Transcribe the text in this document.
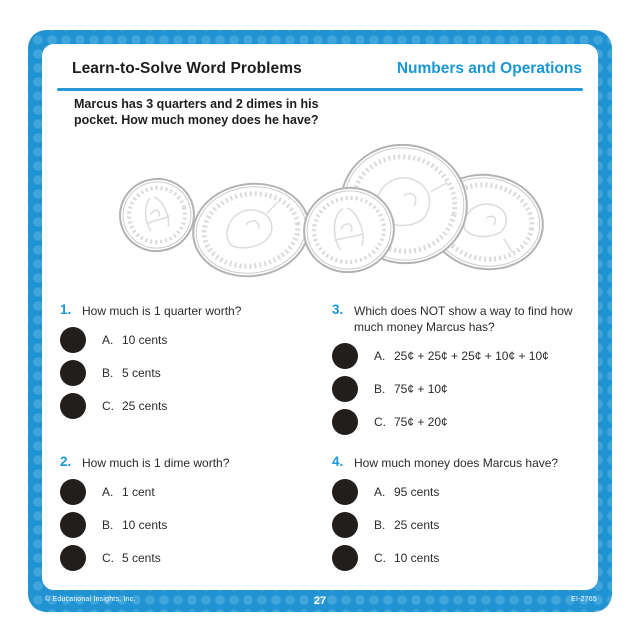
Learn-to-Solve Word Problems	Numbers and Operations
Marcus has 3 quarters and 2 dimes in his
pocket. How much money does he have?
1. How much is 1 quarter worth?
A. 10 cents
B. 5 cents
C. 25 cents
2. How much is 1 dime worth?
A. 1 cent
B. 10 cents
C. 5 cents
3. Which does NOT show a way to find how much money Marcus has?
A. 25¢ + 25¢ + 25¢ + 10¢ + 10¢
B. 75¢ + 10¢
C. 75¢ + 20¢
4. How much money does Marcus have?
A. 95 cents
B. 25 cents
C. 10 cents
© Educational Insights, Inc.	27	EI-2765
